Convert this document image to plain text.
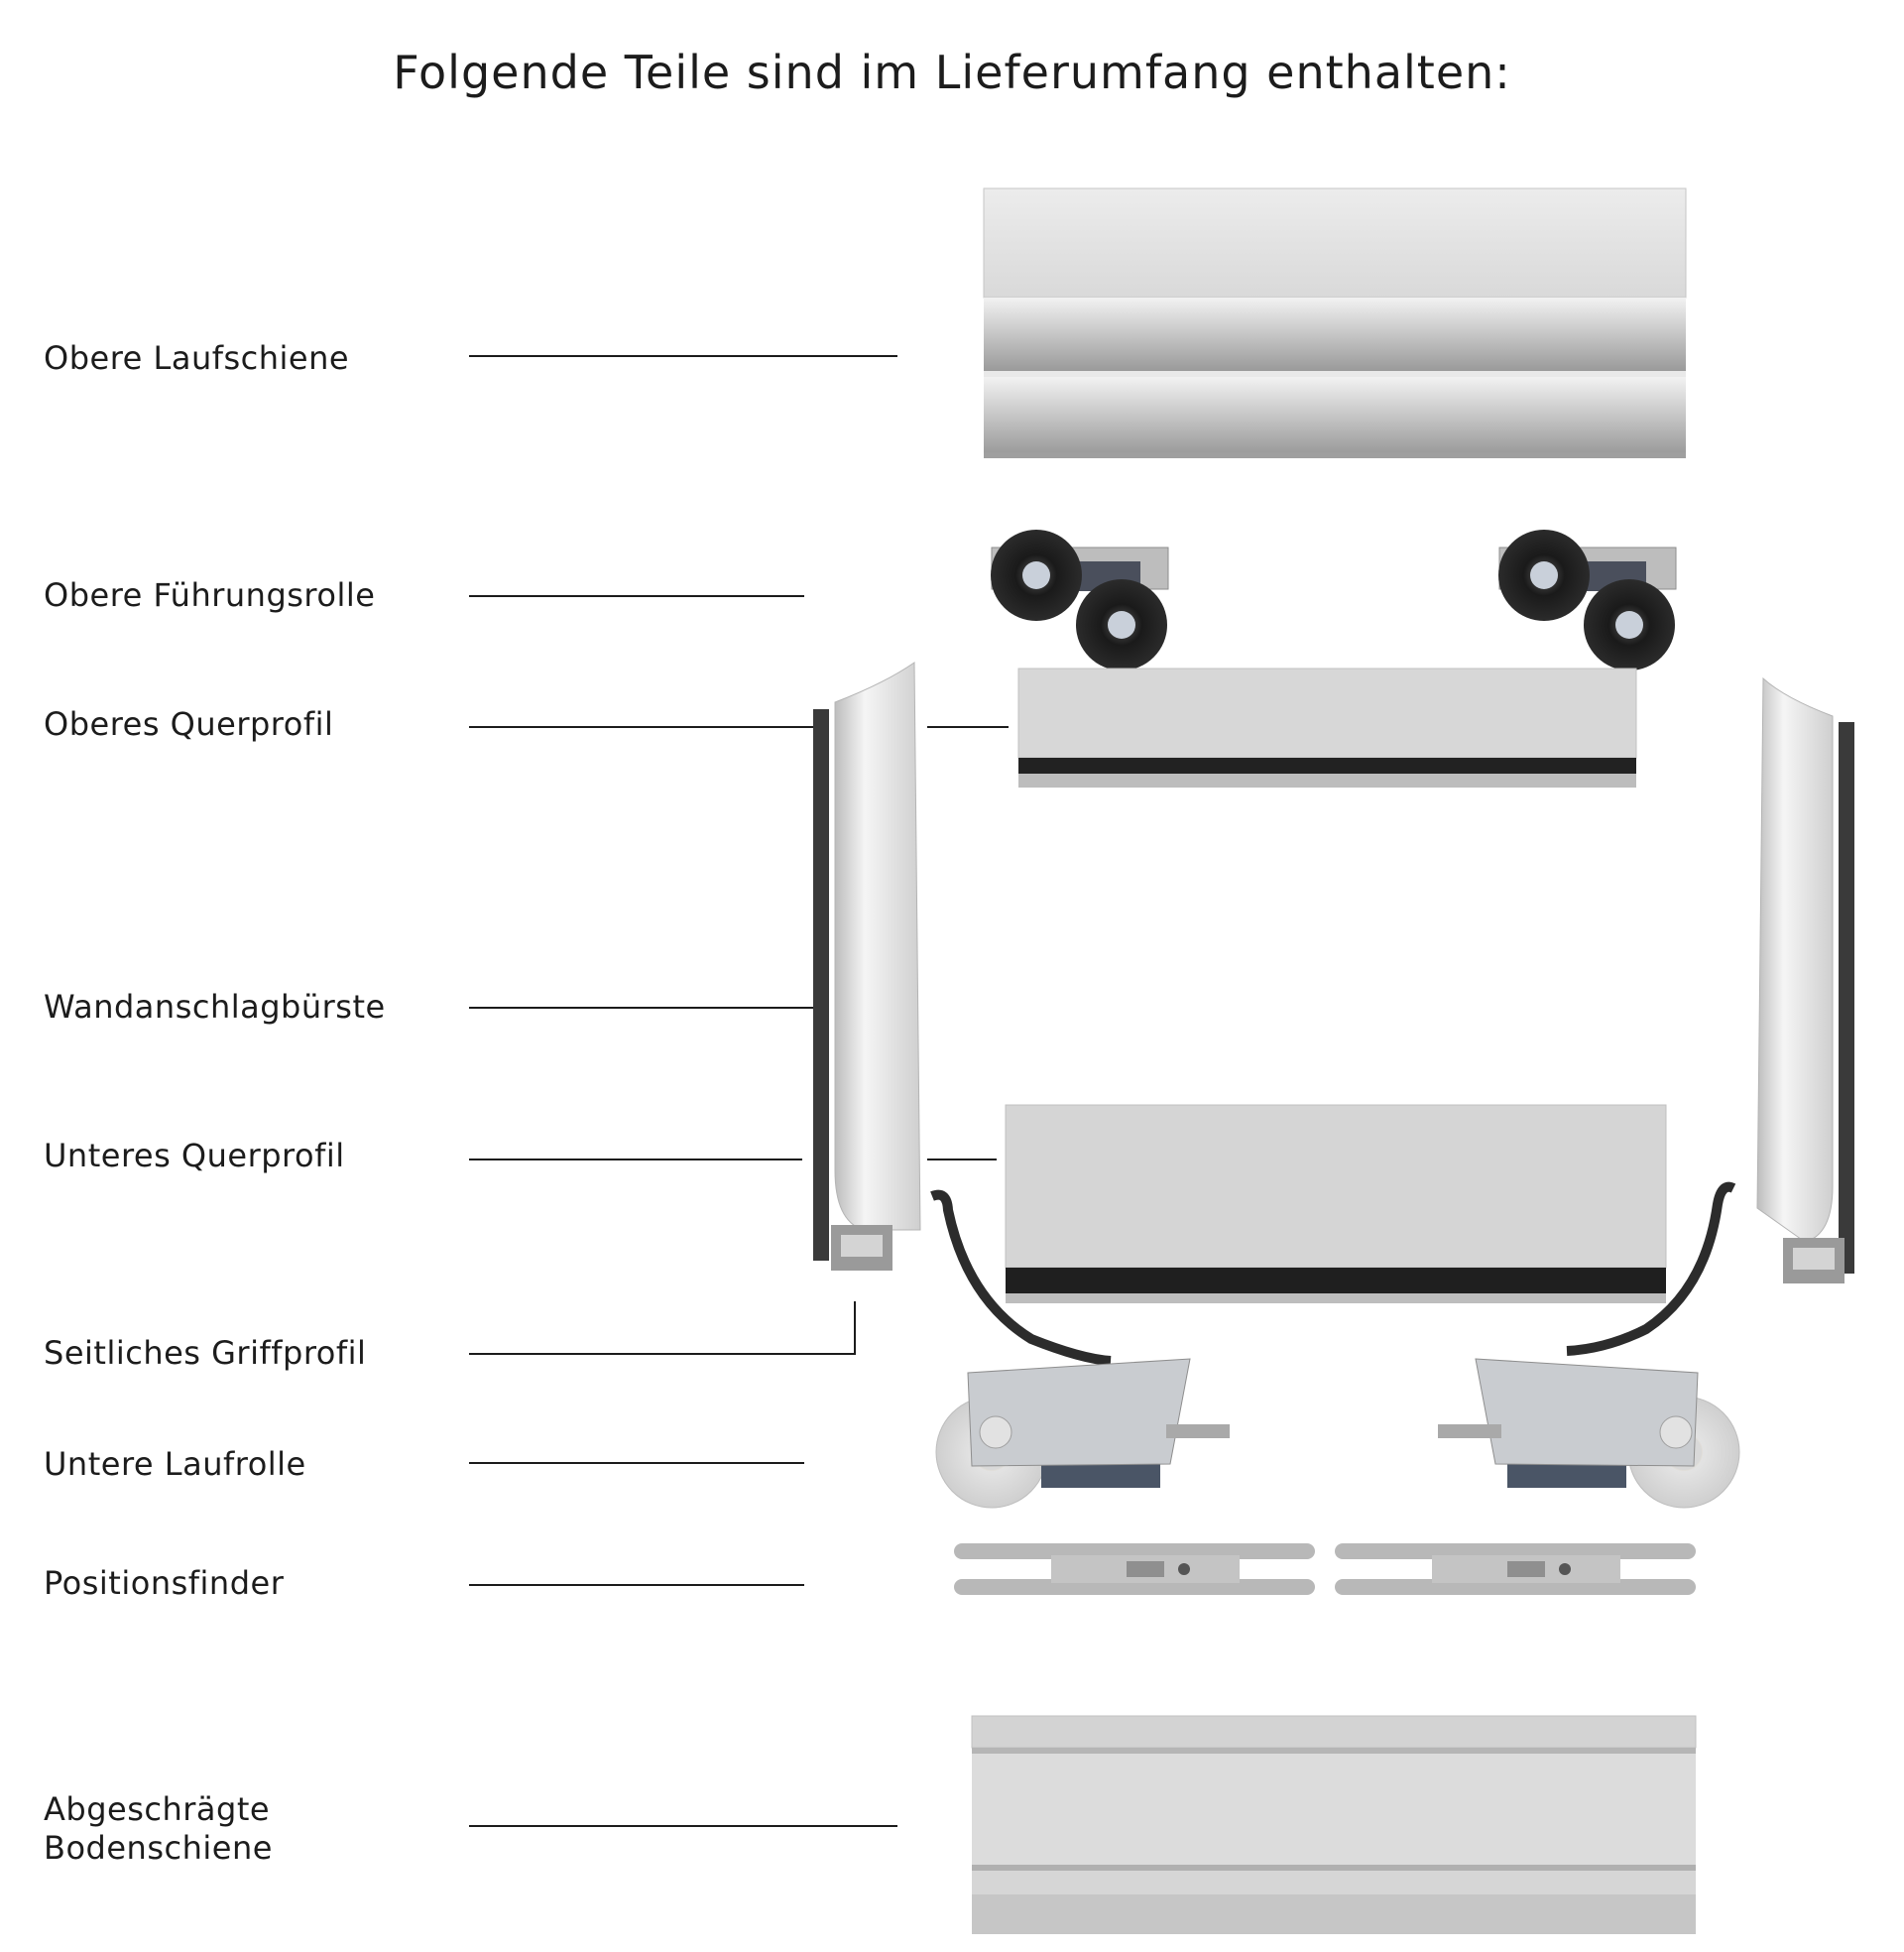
Folgende Teile sind im Lieferumfang enthalten:
Obere Laufschiene
Obere Führungsrolle
Oberes Querprofil
Wandanschlagbürste
Unteres Querprofil
Seitliches Griffprofil
Untere Laufrolle
Positionsfinder
Abgeschrägte
Bodenschiene
